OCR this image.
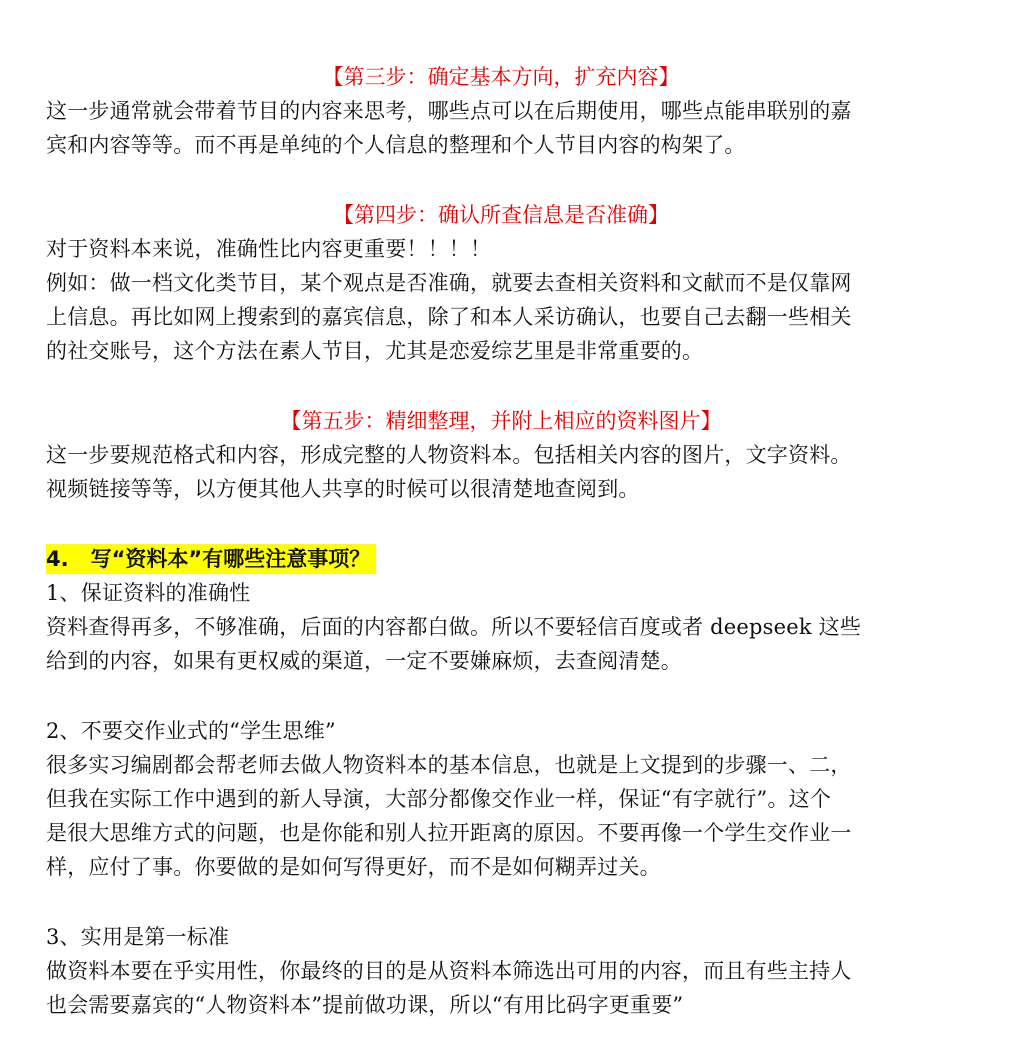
【第三步：确定基本方向，扩充内容】
这一步通常就会带着节目的内容来思考，哪些点可以在后期使用，哪些点能串联别的嘉
宾和内容等等。而不再是单纯的个人信息的整理和个人节目内容的构架了。
【第四步：确认所查信息是否准确】
对于资料本来说，准确性比内容更重要！！！！
例如：做一档文化类节目，某个观点是否准确，就要去查相关资料和文献而不是仅靠网
上信息。再比如网上搜索到的嘉宾信息，除了和本人采访确认，也要自己去翻一些相关
的社交账号，这个方法在素人节目，尤其是恋爱综艺里是非常重要的。
【第五步：精细整理，并附上相应的资料图片】
这一步要规范格式和内容，形成完整的人物资料本。包括相关内容的图片，文字资料。
视频链接等等，以方便其他人共享的时候可以很清楚地查阅到。
4. 写“资料本”有哪些注意事项？
1、保证资料的准确性
资料查得再多，不够准确，后面的内容都白做。所以不要轻信百度或者 deepseek 这些
给到的内容，如果有更权威的渠道，一定不要嫌麻烦，去查阅清楚。
2、不要交作业式的“学生思维”
很多实习编剧都会帮老师去做人物资料本的基本信息，也就是上文提到的步骤一、二，
但我在实际工作中遇到的新人导演，大部分都像交作业一样，保证“有字就行”。这个
是很大思维方式的问题，也是你能和别人拉开距离的原因。不要再像一个学生交作业一
样，应付了事。你要做的是如何写得更好，而不是如何糊弄过关。
3、实用是第一标准
做资料本要在乎实用性，你最终的目的是从资料本筛选出可用的内容，而且有些主持人
也会需要嘉宾的“人物资料本”提前做功课，所以“有用比码字更重要”
